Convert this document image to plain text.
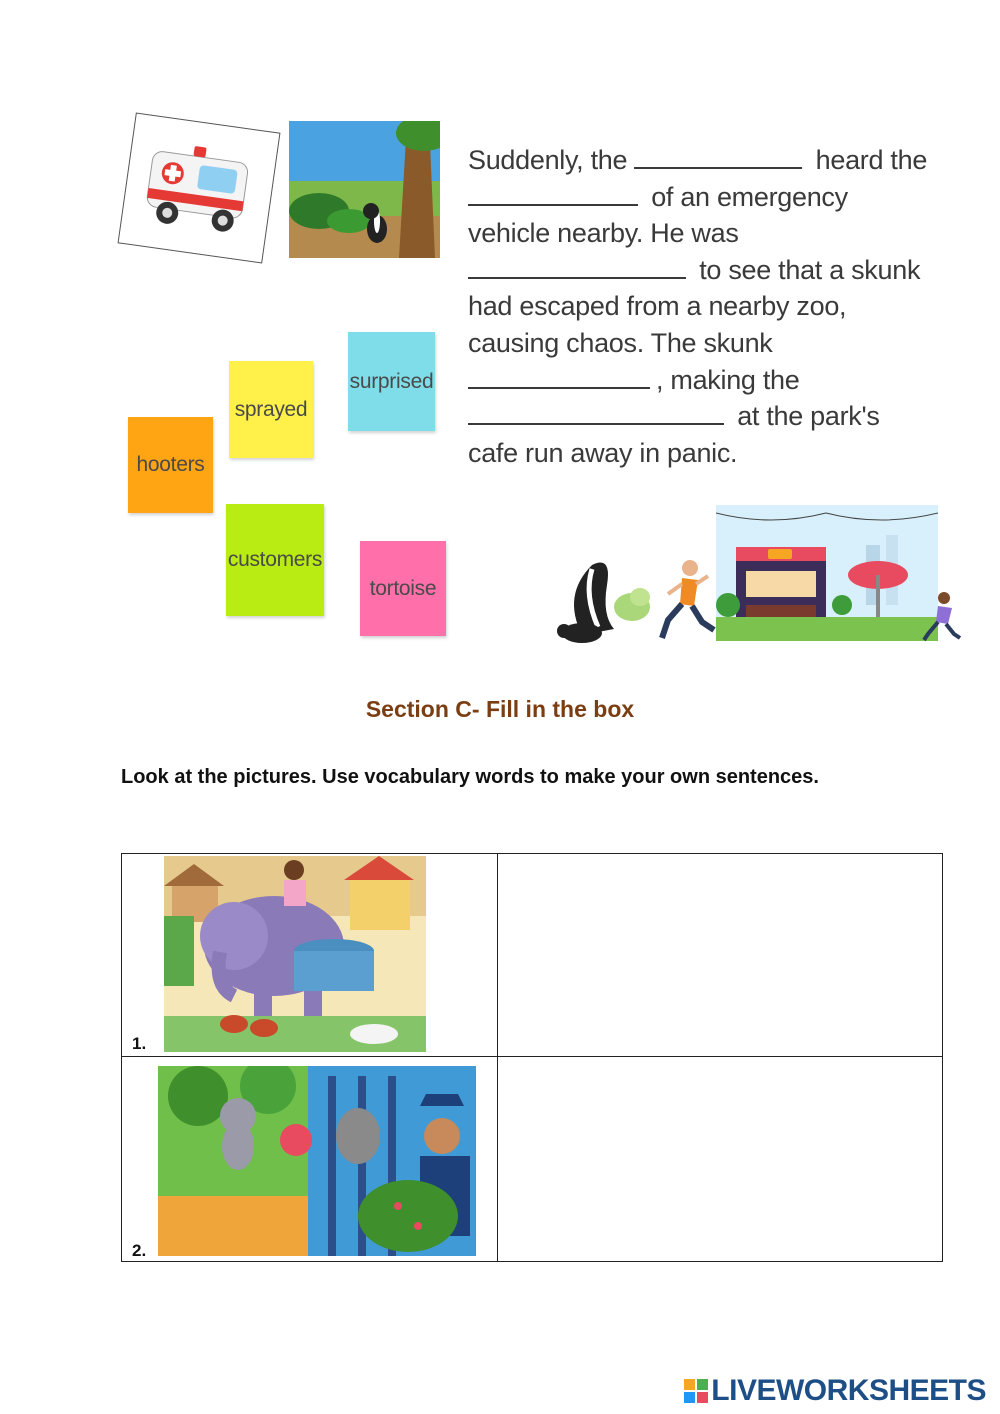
Suddenly, the	heard the
of an emergency
vehicle nearby. He was
to see that a skunk
had escaped from a nearby zoo,
causing chaos. The skunk
, making the
at the park's
cafe run away in panic.
surprised
sprayed
hooters
customers
tortoise
Section C- Fill in the box
Look at the pictures. Use vocabulary words to make your own sentences.
1.
2.
LIVEWORKSHEETS
